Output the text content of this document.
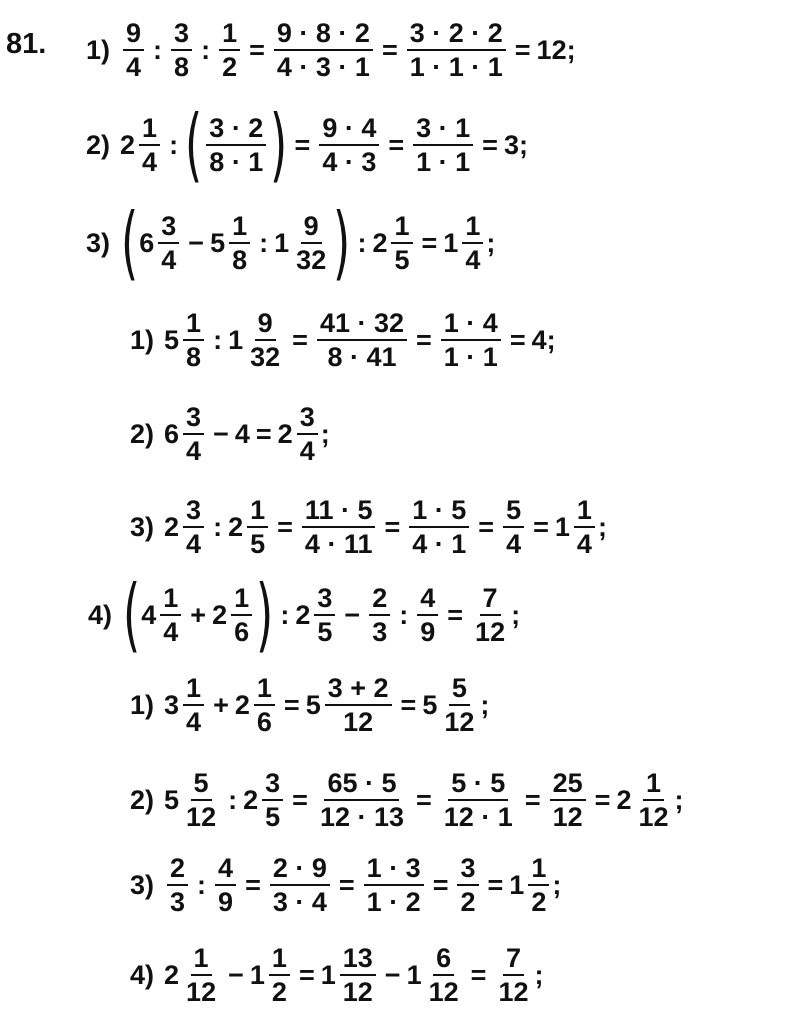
81. $1) \frac{9}{4}$ : $\frac{3}{8}$ : $\frac{1}{2} = \frac{9 \cdot 8 \cdot 2}{4 \cdot 3 \cdot 1} = \frac{3 \cdot 2 \cdot 2}{1 \cdot 1 \cdot 1} = 12$;
2) $2 \frac{1}{4}$ : ( $\frac{3 \cdot 2}{8 \cdot 1}$ ) = $\frac{9 \cdot 4}{4 \cdot 3} = \frac{3 \cdot 1}{1 \cdot 1} = 3$;
3) ( $6 \frac{3}{4} - 5 \frac{1}{8}$ : $1 \frac{9}{32}$ ) : $2 \frac{1}{5} = 1 \frac{1}{4}$ ;
1) $5 \frac{1}{8}$ : $1 \frac{9}{32} = \frac{41 \cdot 32}{8 \cdot 41} = \frac{1 \cdot 4}{1 \cdot 1} = 4$;
2) $6 \frac{3}{4} - 4 = 2 \frac{3}{4}$ ;
3) $2 \frac{3}{4}$ : $2 \frac{1}{5} = \frac{11 \cdot 5}{4 \cdot 11} = \frac{1 \cdot 5}{4 \cdot 1} = \frac{5}{4} = 1 \frac{1}{4}$ ;
4) ( $4 \frac{1}{4} + 2 \frac{1}{6}$ ) : $2 \frac{3}{5} - \frac{2}{3}$ : $\frac{4}{9} = \frac{7}{12}$ ;
1) $3 \frac{1}{4} + 2 \frac{1}{6} = 5 \frac{3 + 2}{12} = 5 \frac{5}{12}$ ;
2) $5 \frac{5}{12}$ : $2 \frac{3}{5} = \frac{65 \cdot 5}{12 \cdot 13} = \frac{5 \cdot 5}{12 \cdot 1} = \frac{25}{12} = 2 \frac{1}{12}$ ;
$3) \frac{2}{3}$ : $\frac{4}{9} = \frac{2 \cdot 9}{3 \cdot 4} = \frac{1 \cdot 3}{1 \cdot 2} = \frac{3}{2} = 1 \frac{1}{2}$ ;
4) $2 \frac{1}{12} - 1 \frac{1}{2} = 1 \frac{13}{12} - 1 \frac{6}{12} = \frac{7}{12}$ ;
